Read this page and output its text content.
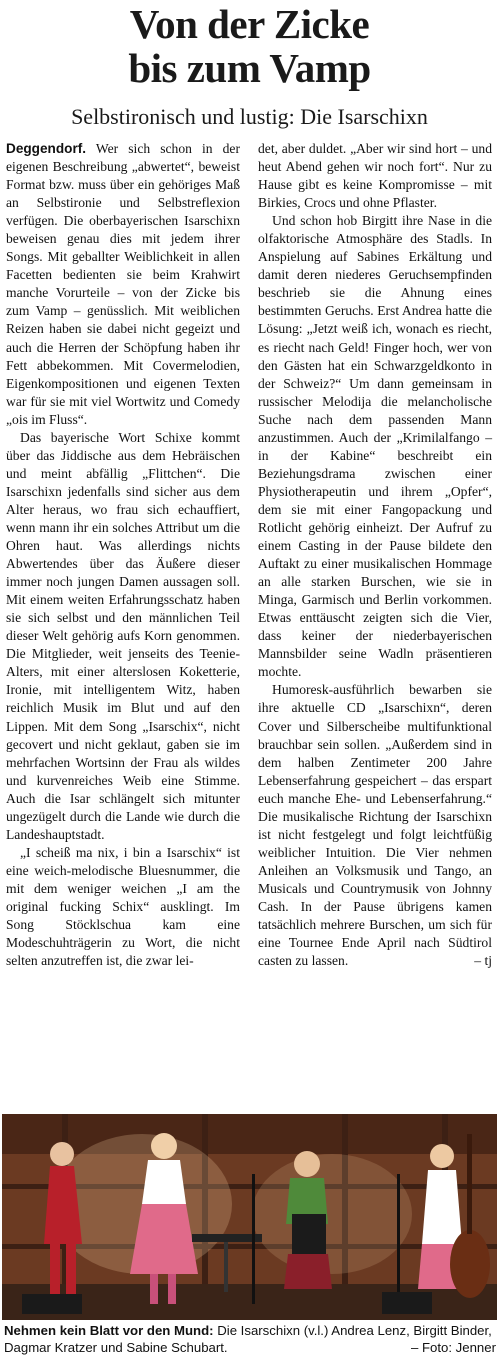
Von der Zicke
bis zum Vamp
Selbstironisch und lustig: Die Isarschixn

Deggendorf. Wer sich schon in der eigenen Beschreibung „abwertet“, beweist Format bzw. muss über ein gehöriges Maß an Selbstironie und Selbstreflexion verfügen. Die oberbayerischen Isarschixn beweisen genau dies mit jedem ihrer Songs. Mit geballter Weiblichkeit in allen Facetten bedienten sie beim Krahwirt manche Vorurteile – von der Zicke bis zum Vamp – genüsslich. Mit weiblichen Reizen haben sie dabei nicht gegeizt und auch die Herren der Schöpfung haben ihr Fett abbekommen. Mit Covermelodien, Eigenkompositionen und eigenen Texten war für sie mit viel Wortwitz und Comedy „ois im Fluss“.

Das bayerische Wort Schixe kommt über das Jiddische aus dem Hebräischen und meint abfällig „Flittchen“. Die Isarschixn jedenfalls sind sicher aus dem Alter heraus, wo frau sich echauffiert, wenn mann ihr ein solches Attribut um die Ohren haut. Was allerdings nichts Abwertendes über das Äußere dieser immer noch jungen Damen aussagen soll. Mit einem weiten Erfahrungsschatz haben sie sich selbst und den männlichen Teil dieser Welt gehörig aufs Korn genommen. Die Mitglieder, weit jenseits des Teenie-Alters, mit einer alterslosen Koketterie, Ironie, mit intelligentem Witz, haben reichlich Musik im Blut und auf den Lippen. Mit dem Song „Isarschix“, nicht gecovert und nicht geklaut, gaben sie im mehrfachen Wortsinn der Frau als wildes und kurvenreiches Weib eine Stimme. Auch die Isar schlängelt sich mitunter ungezügelt durch die Lande wie durch die Landeshauptstadt.

„I scheiß ma nix, i bin a Isarschix“ ist eine weich-melodische Bluesnummer, die mit dem weniger weichen „I am the original fucking Schix“ ausklingt. Im Song Stöcklschua kam eine Modeschuhträgerin zu Wort, die nicht selten anzutreffen ist, die zwar lei-

det, aber duldet. „Aber wir sind hort – und heut Abend gehen wir noch fort“. Nur zu Hause gibt es keine Kompromisse – mit Birkies, Crocs und ohne Pflaster.

Und schon hob Birgitt ihre Nase in die olfaktorische Atmosphäre des Stadls. In Anspielung auf Sabines Erkältung und damit deren niederes Geruchsempfinden beschrieb sie die Ahnung eines bestimmten Geruchs. Erst Andrea hatte die Lösung: „Jetzt weiß ich, wonach es riecht, es riecht nach Geld! Finger hoch, wer von den Gästen hat ein Schwarzgeldkonto in der Schweiz?“ Um dann gemeinsam in russischer Melodija die melancholische Suche nach dem passenden Mann anzustimmen. Auch der „Krimilalfango – in der Kabine“ beschreibt ein Beziehungsdrama zwischen einer Physiotherapeutin und ihrem „Opfer“, dem sie mit einer Fangopackung und Rotlicht gehörig einheizt. Der Aufruf zu einem Casting in der Pause bildete den Auftakt zu einer musikalischen Hommage an alle starken Burschen, wie sie in Minga, Garmisch und Berlin vorkommen. Etwas enttäuscht zeigten sich die Vier, dass keiner der niederbayerischen Mannsbilder seine Wadln präsentieren mochte.

Humoresk-ausführlich bewarben sie ihre aktuelle CD „Isarschixn“, deren Cover und Silberscheibe multifunktional brauchbar sein sollen. „Außerdem sind in dem halben Zentimeter 200 Jahre Lebenserfahrung gespeichert – das erspart euch manche Ehe- und Lebenserfahrung.“ Die musikalische Richtung der Isarschixn ist nicht festgelegt und folgt leichtfüßig weiblicher Intuition. Die Vier nehmen Anleihen an Volksmusik und Tango, an Musicals und Countrymusik von Johnny Cash. In der Pause übrigens kamen tatsächlich mehrere Burschen, um sich für eine Tournee Ende April nach Südtirol casten zu lassen.	– tj

Nehmen kein Blatt vor den Mund: Die Isarschixn (v.l.) Andrea Lenz, Birgitt Binder, Dagmar Kratzer und Sabine Schubart.	– Foto: Jenner
